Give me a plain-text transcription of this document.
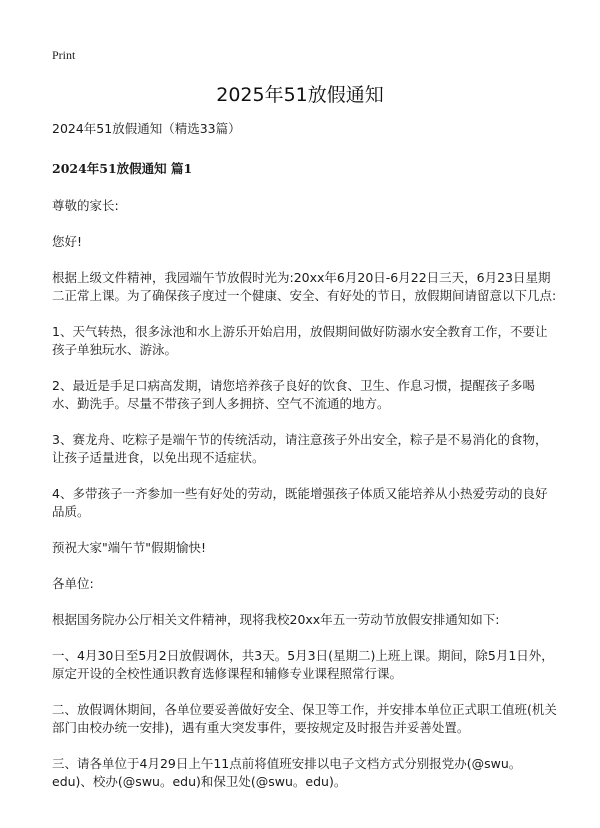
Print
2025年51放假通知

2024年51放假通知（精选33篇）

2024年51放假通知 篇1

尊敬的家长:

您好!

根据上级文件精神，我园端午节放假时光为:20xx年6月20日-6月22日三天，6月23日星期二正常上课。为了确保孩子度过一个健康、安全、有好处的节日，放假期间请留意以下几点:

1、天气转热，很多泳池和水上游乐开始启用，放假期间做好防溺水安全教育工作，不要让孩子单独玩水、游泳。

2、最近是手足口病高发期，请您培养孩子良好的饮食、卫生、作息习惯，提醒孩子多喝水、勤洗手。尽量不带孩子到人多拥挤、空气不流通的地方。

3、赛龙舟、吃粽子是端午节的传统活动，请注意孩子外出安全，粽子是不易消化的食物，让孩子适量进食，以免出现不适症状。

4、多带孩子一齐参加一些有好处的劳动，既能增强孩子体质又能培养从小热爱劳动的良好品质。

预祝大家"端午节"假期愉快!

各单位:

根据国务院办公厅相关文件精神，现将我校20xx年五一劳动节放假安排通知如下:

一、4月30日至5月2日放假调休，共3天。5月3日(星期二)上班上课。期间，除5月1日外，原定开设的全校性通识教育选修课程和辅修专业课程照常行课。

二、放假调休期间，各单位要妥善做好安全、保卫等工作，并安排本单位正式职工值班(机关部门由校办统一安排)，遇有重大突发事件，要按规定及时报告并妥善处置。

三、请各单位于4月29日上午11点前将值班安排以电子文档方式分别报党办(@swu。edu)、校办(@swu。edu)和保卫处(@swu。edu)。
